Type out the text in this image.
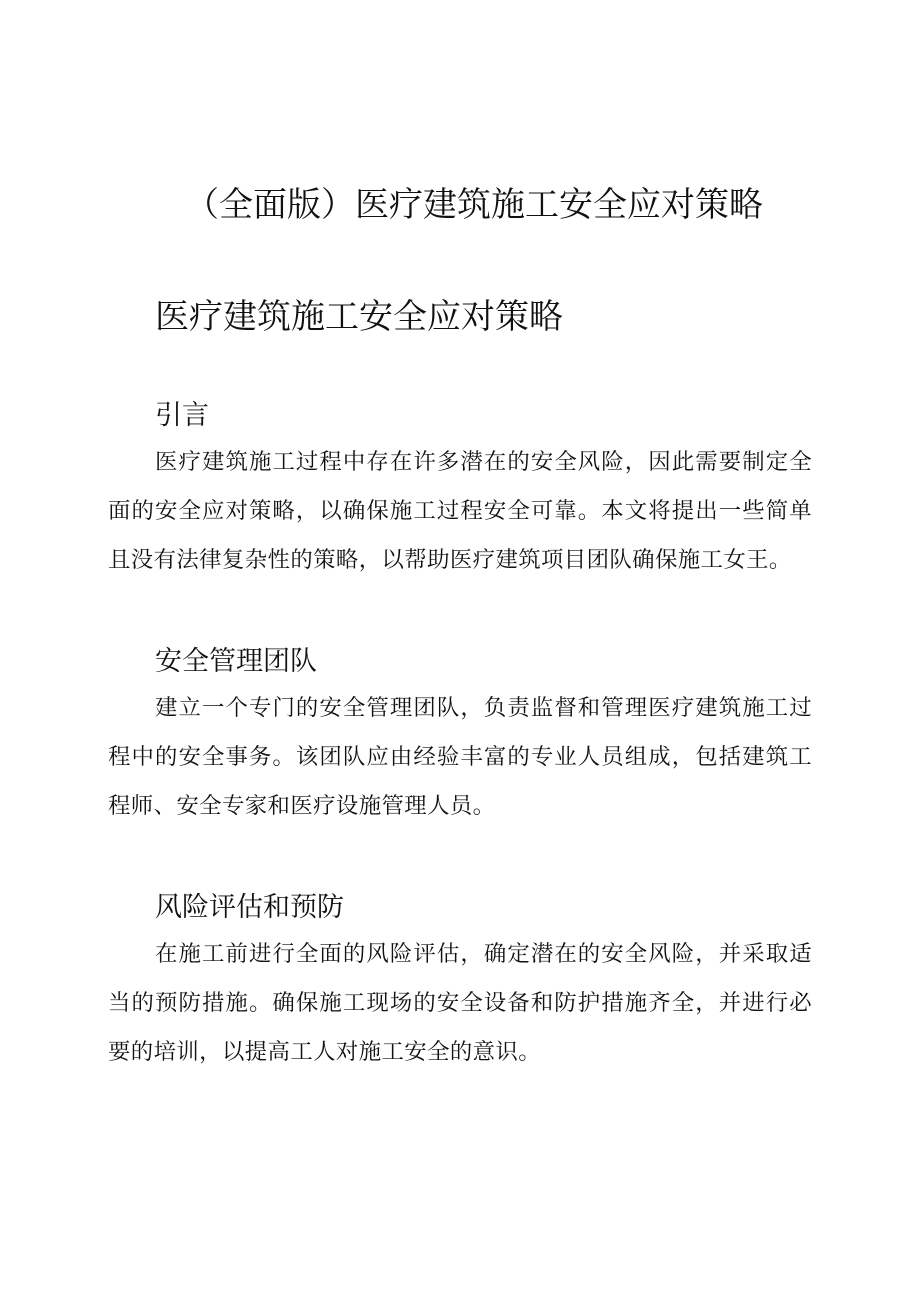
（全面版）医疗建筑施工安全应对策略
医疗建筑施工安全应对策略
引言

医疗建筑施工过程中存在许多潜在的安全风险，因此需要制定全面的安全应对策略，以确保施工过程安全可靠。本文将提出一些简单且没有法律复杂性的策略，以帮助医疗建筑项目团队确保施工女王。

安全管理团队

建立一个专门的安全管理团队，负责监督和管理医疗建筑施工过程中的安全事务。该团队应由经验丰富的专业人员组成，包括建筑工程师、安全专家和医疗设施管理人员。

风险评估和预防

在施工前进行全面的风险评估，确定潜在的安全风险，并采取适当的预防措施。确保施工现场的安全设备和防护措施齐全，并进行必要的培训，以提高工人对施工安全的意识。
